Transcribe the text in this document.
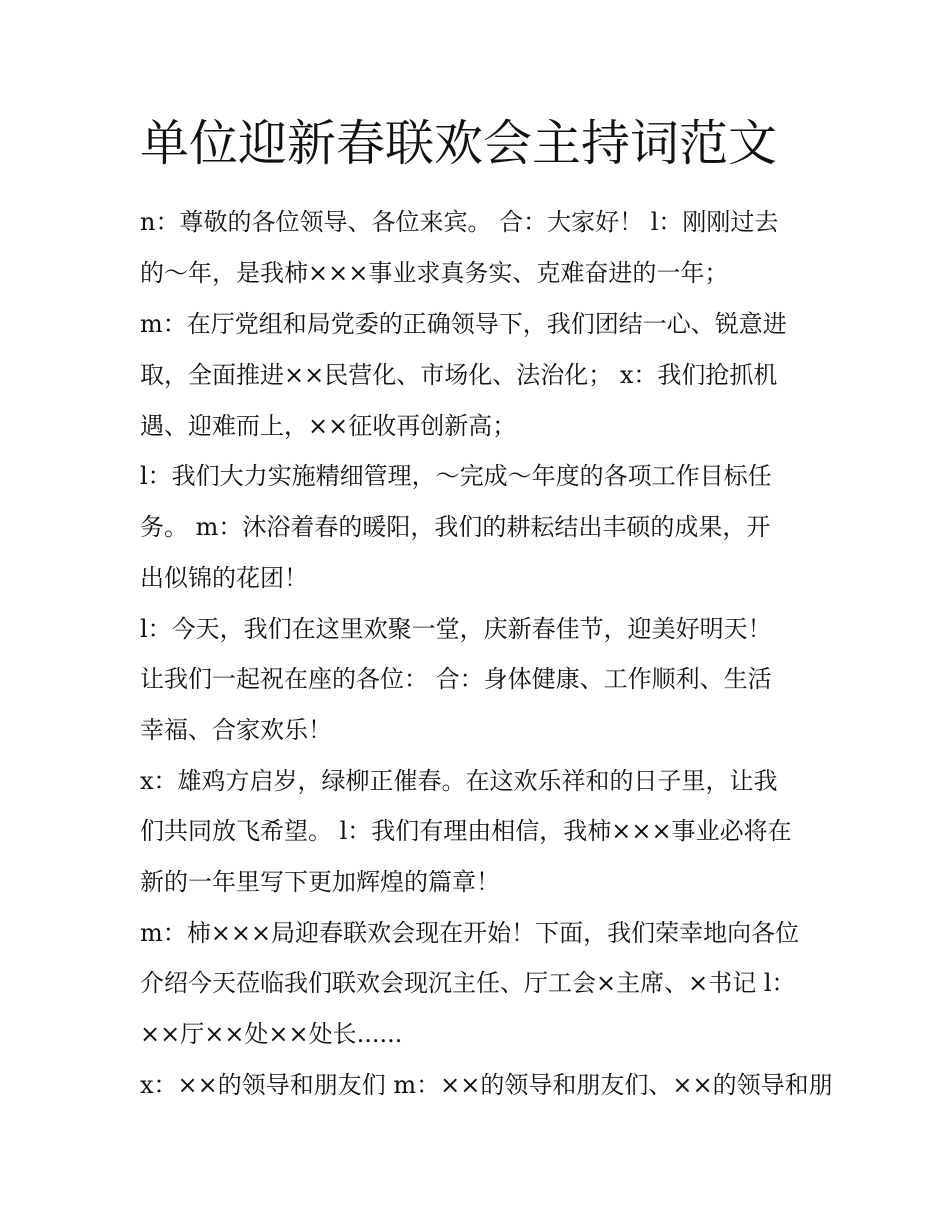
单位迎新春联欢会主持词范文

n：尊敬的各位领导、各位来宾。 合：大家好！ l：刚刚过去

的～年，是我柿×××事业求真务实、克难奋进的一年；

m：在厅党组和局党委的正确领导下，我们团结一心、锐意进

取，全面推进××民营化、市场化、法治化； x：我们抢抓机

遇、迎难而上，××征收再创新高；

l：我们大力实施精细管理，～完成～年度的各项工作目标任

务。 m：沐浴着春的暖阳，我们的耕耘结出丰硕的成果，开

出似锦的花团！

l：今天，我们在这里欢聚一堂，庆新春佳节，迎美好明天！

让我们一起祝在座的各位： 合：身体健康、工作顺利、生活

幸福、合家欢乐！

x：雄鸡方启岁，绿柳正催春。在这欢乐祥和的日子里，让我

们共同放飞希望。 l：我们有理由相信，我柿×××事业必将在

新的一年里写下更加辉煌的篇章！

m：柿×××局迎春联欢会现在开始！下面，我们荣幸地向各位

介绍今天莅临我们联欢会现沉主任、厅工会×主席、×书记 l：

××厅××处××处长......

x：××的领导和朋友们 m：××的领导和朋友们、××的领导和朋
